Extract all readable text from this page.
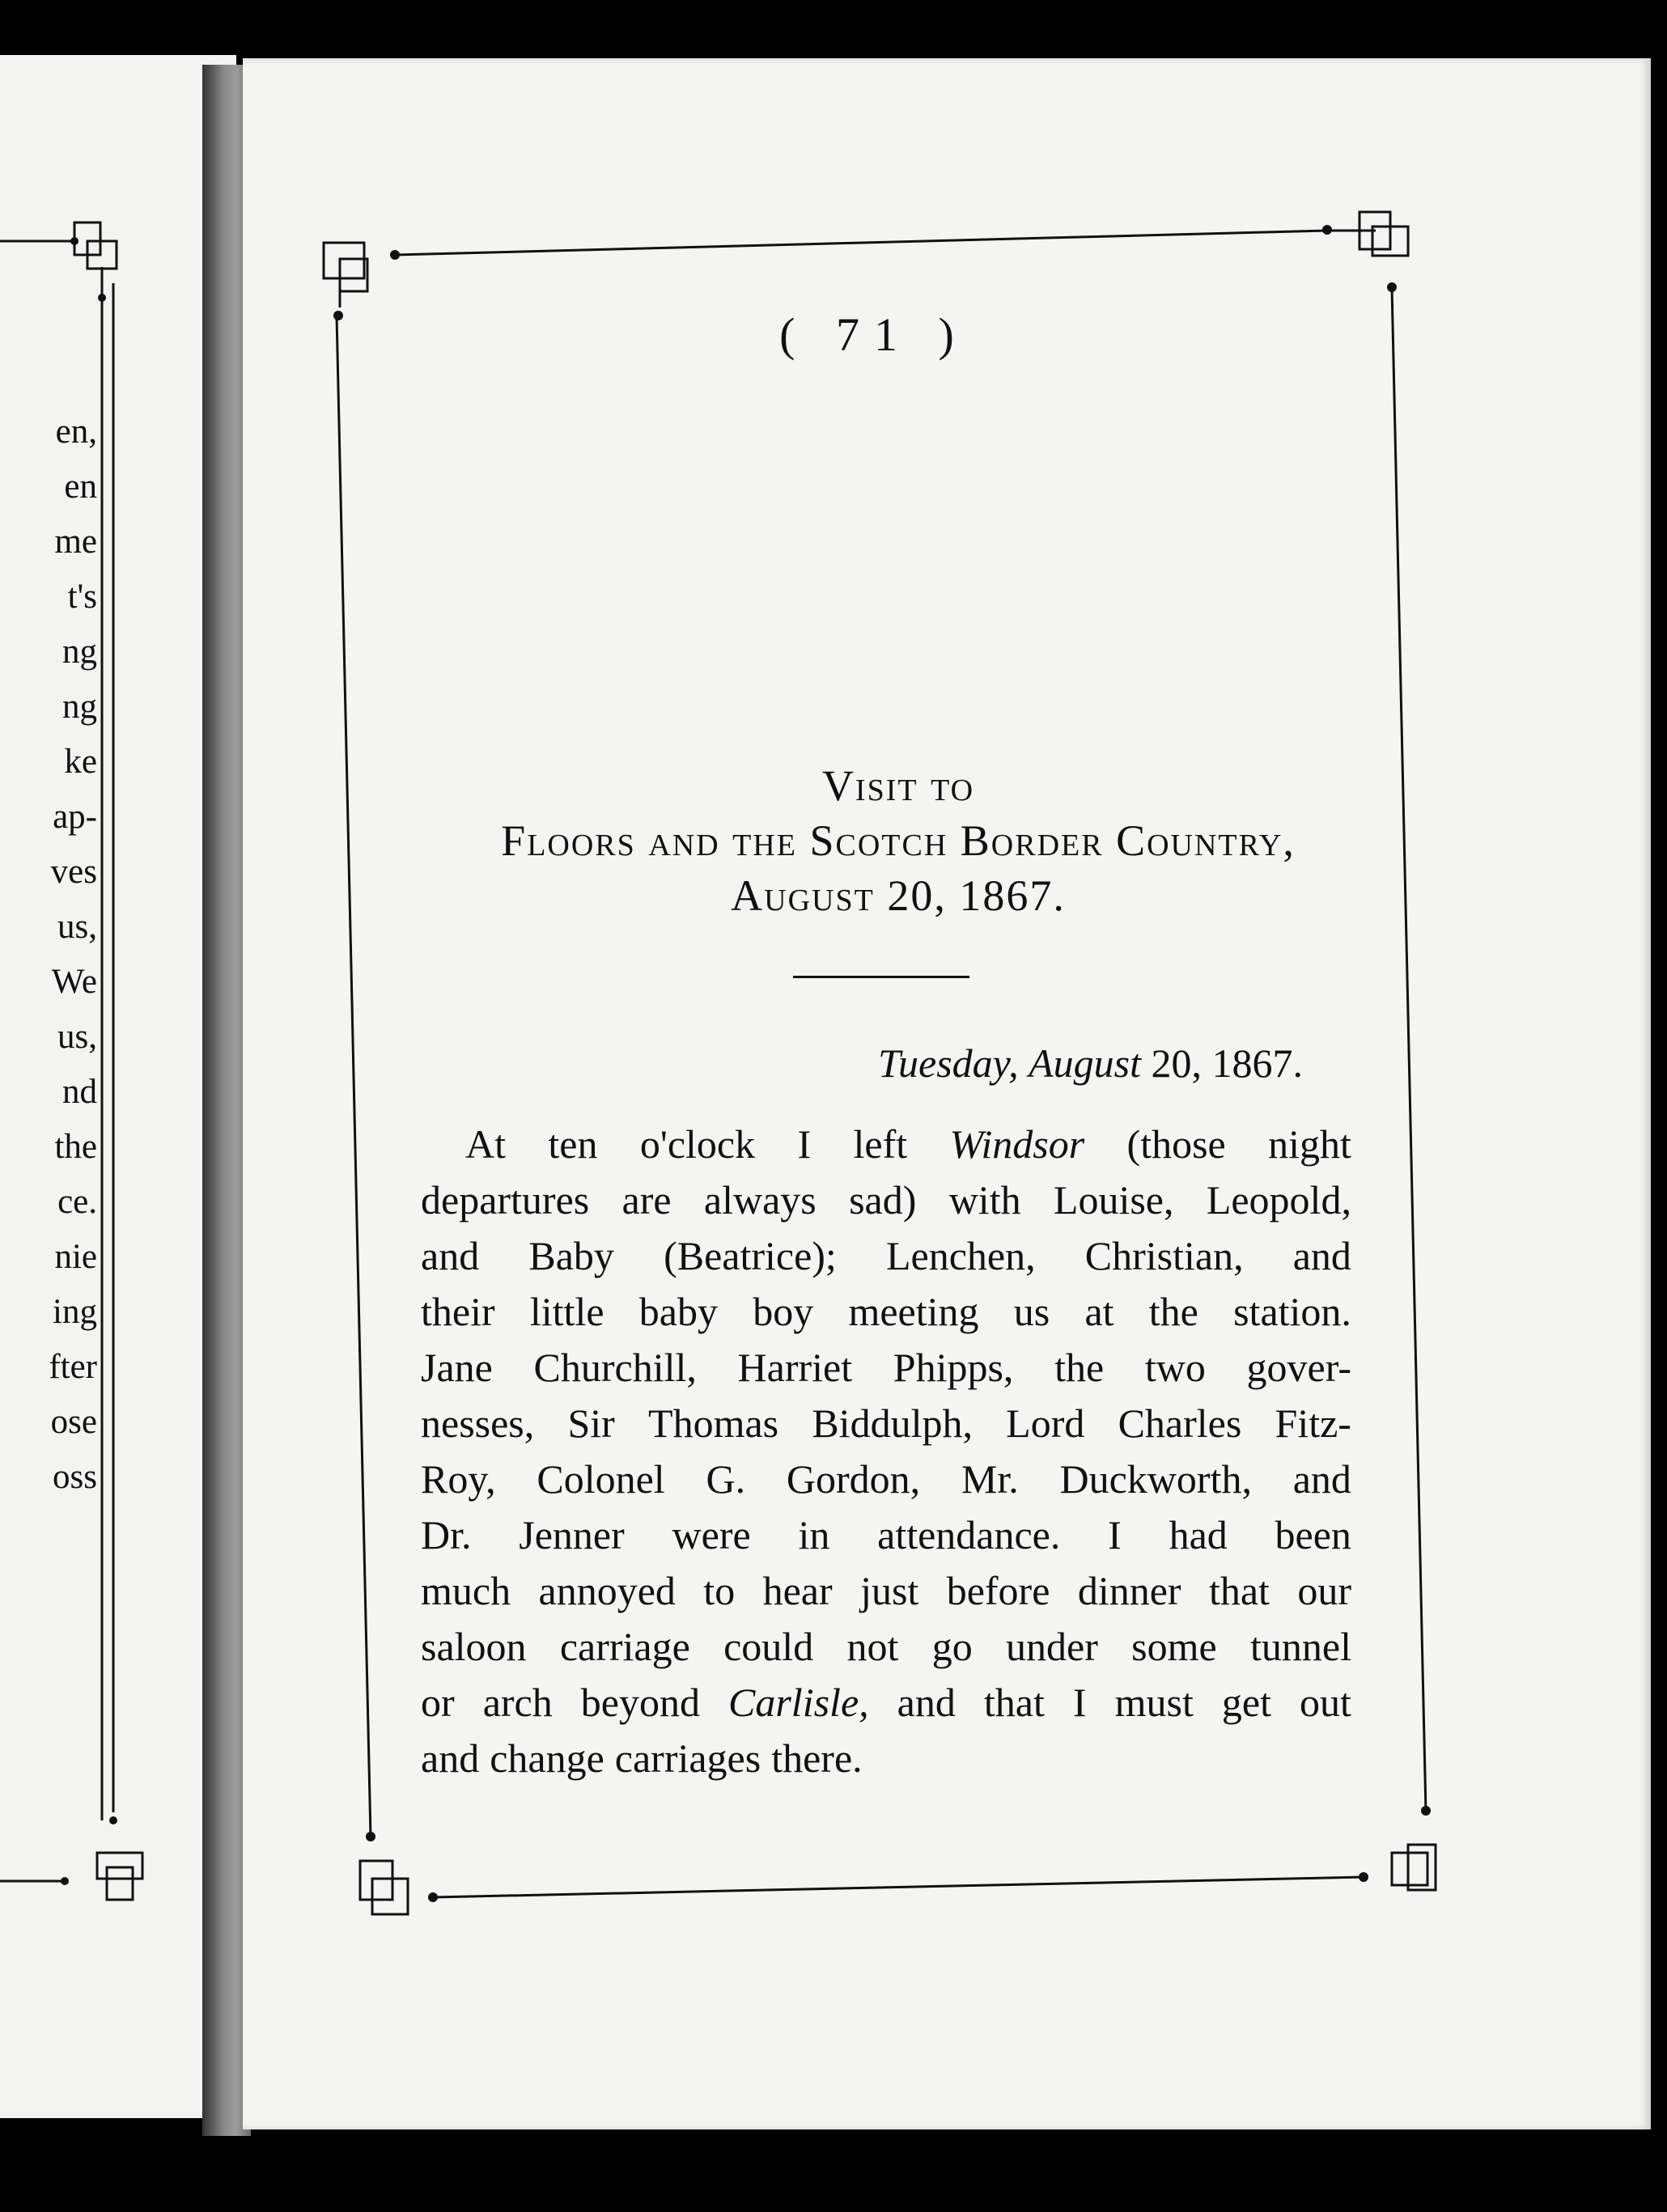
en,
en
me
t's
ng
ng
ke
ap-
ves
us,
We
us,
nd
the
ce.
nie
ing
fter
ose
oss
( 71 )
Visit to
Floors and the Scotch Border Country,
August 20, 1867.
Tuesday, August 20, 1867.
At ten o'clock I left Windsor (those night
departures are always sad) with Louise, Leopold,
and Baby (Beatrice); Lenchen, Christian, and
their little baby boy meeting us at the station.
Jane Churchill, Harriet Phipps, the two gover-
nesses, Sir Thomas Biddulph, Lord Charles Fitz-
Roy, Colonel G. Gordon, Mr. Duckworth, and
Dr. Jenner were in attendance. I had been
much annoyed to hear just before dinner that our
saloon carriage could not go under some tunnel
or arch beyond Carlisle, and that I must get out
and change carriages there.
